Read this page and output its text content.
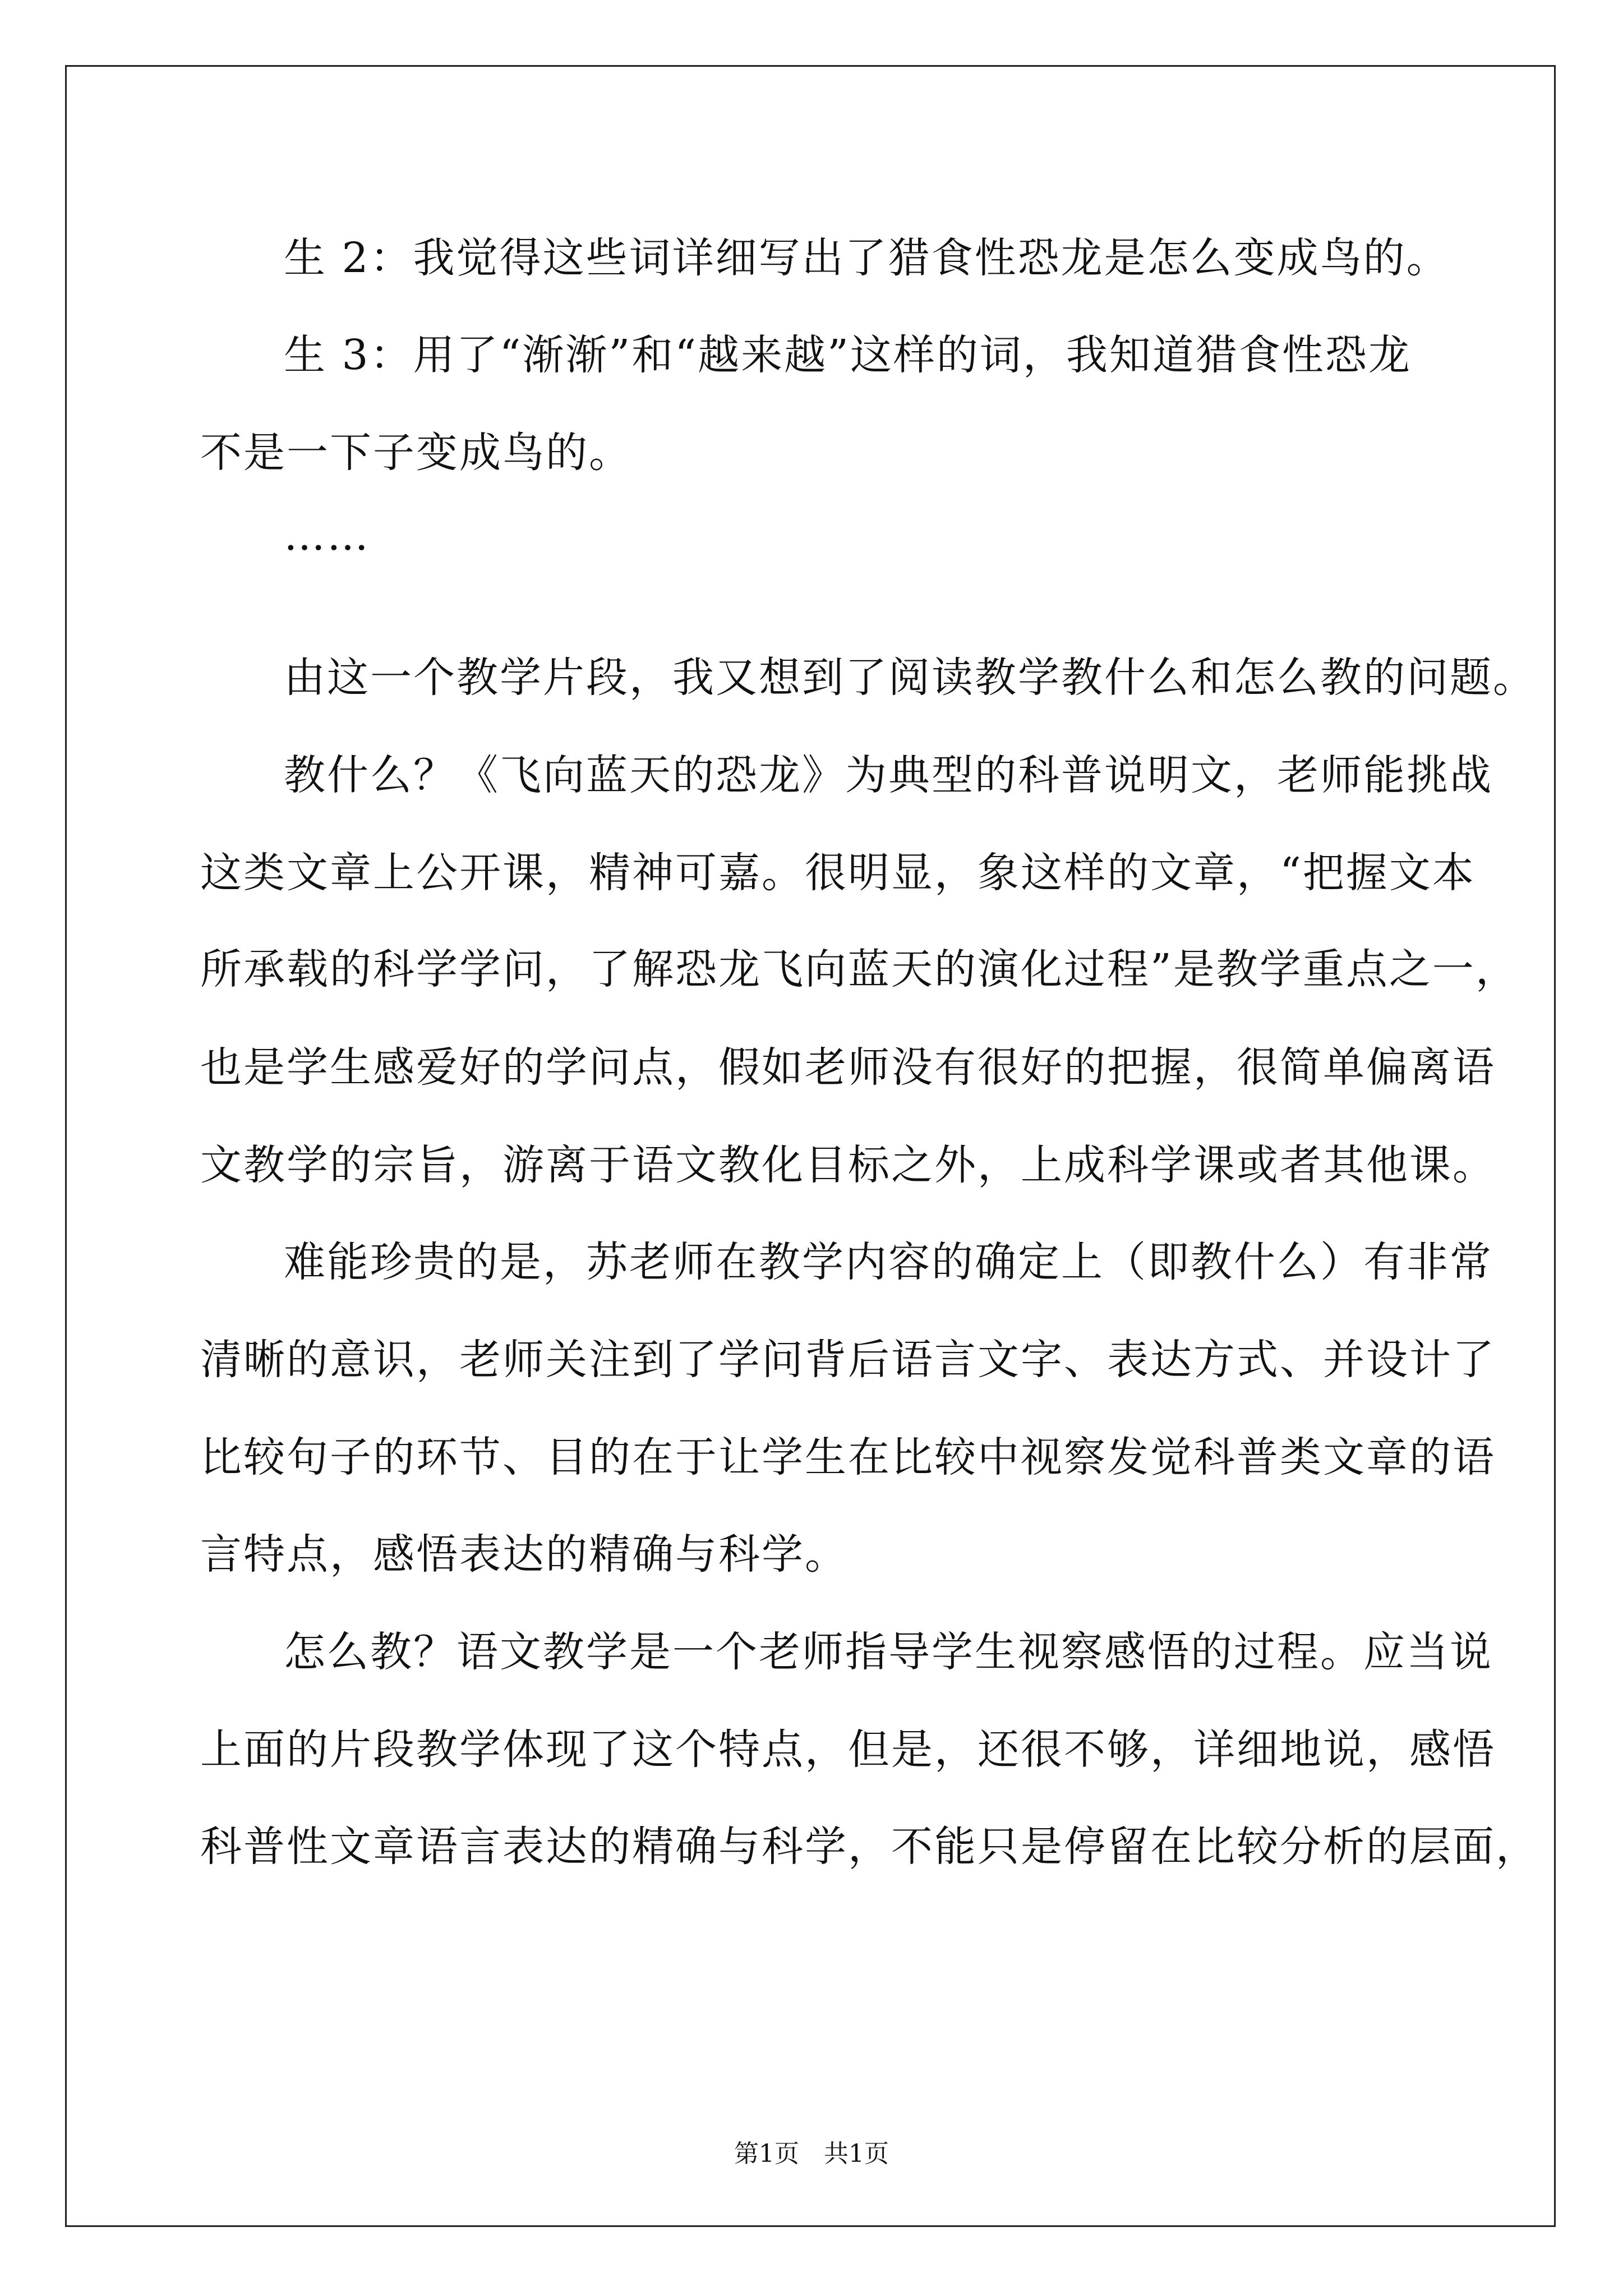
生 2：我觉得这些词详细写出了猎食性恐龙是怎么变成鸟的。
生 3：用了“渐渐”和“越来越”这样的词，我知道猎食性恐龙
不是一下子变成鸟的。
……
由这一个教学片段，我又想到了阅读教学教什么和怎么教的问题。
教什么？《飞向蓝天的恐龙》为典型的科普说明文，老师能挑战
这类文章上公开课，精神可嘉。很明显，象这样的文章，“把握文本
所承载的科学学问，了解恐龙飞向蓝天的演化过程”是教学重点之一，
也是学生感爱好的学问点，假如老师没有很好的把握，很简单偏离语
文教学的宗旨，游离于语文教化目标之外，上成科学课或者其他课。
难能珍贵的是，苏老师在教学内容的确定上（即教什么）有非常
清晰的意识，老师关注到了学问背后语言文字、表达方式、并设计了
比较句子的环节、目的在于让学生在比较中视察发觉科普类文章的语
言特点，感悟表达的精确与科学。
怎么教？语文教学是一个老师指导学生视察感悟的过程。应当说
上面的片段教学体现了这个特点，但是，还很不够，详细地说，感悟
科普性文章语言表达的精确与科学，不能只是停留在比较分析的层面，
第1页　共1页
